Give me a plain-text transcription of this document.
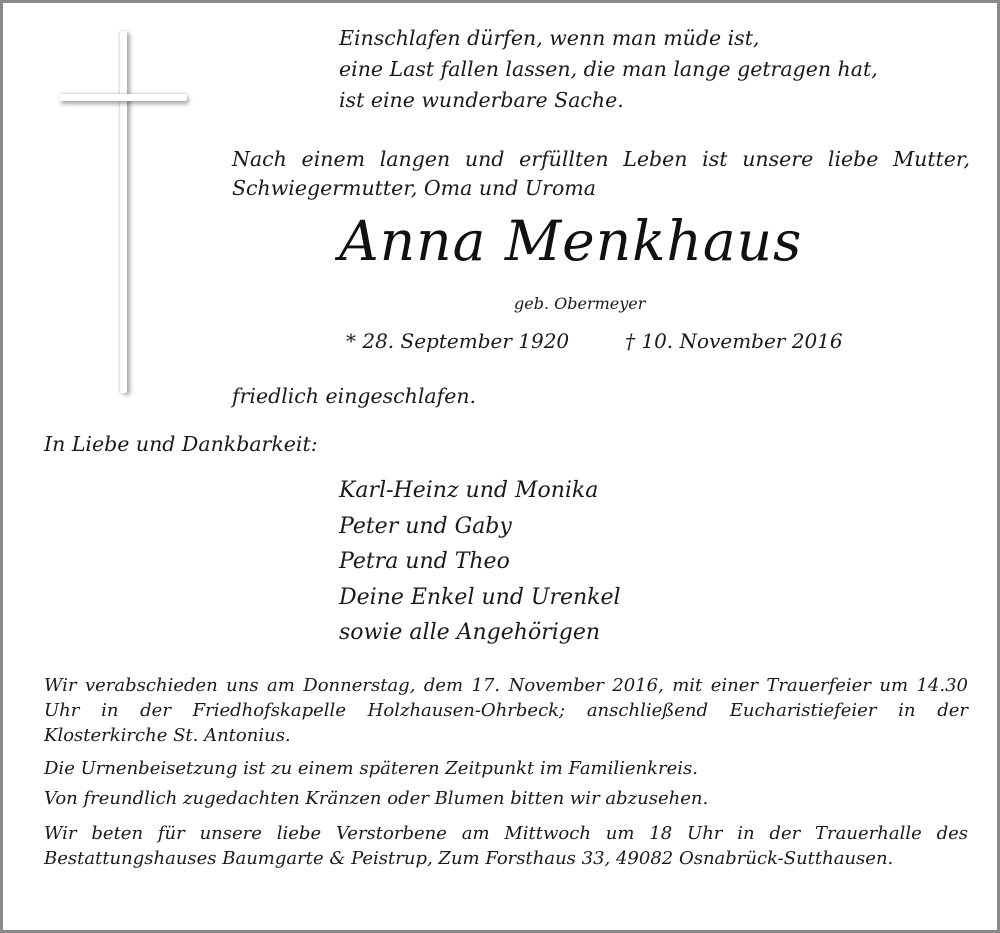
Einschlafen dürfen, wenn man müde ist,
eine Last fallen lassen, die man lange getragen hat,
ist eine wunderbare Sache.

Nach einem langen und erfüllten Leben ist unsere liebe Mutter, Schwiegermutter, Oma und Uroma

Anna Menkhaus
geb. Obermeyer
* 28. September 1920	† 10. November 2016
friedlich eingeschlafen.
In Liebe und Dankbarkeit:
Karl-Heinz und Monika
Peter und Gaby
Petra und Theo
Deine Enkel und Urenkel
sowie alle Angehörigen

Wir verabschieden uns am Donnerstag, dem 17. November 2016, mit einer Trauerfeier um 14.30 Uhr in der Friedhofskapelle Holzhausen-Ohrbeck; anschließend Eucharistiefeier in der Klosterkirche St. Antonius.

Die Urnenbeisetzung ist zu einem späteren Zeitpunkt im Familienkreis.

Von freundlich zugedachten Kränzen oder Blumen bitten wir abzusehen.

Wir beten für unsere liebe Verstorbene am Mittwoch um 18 Uhr in der Trauerhalle des Bestattungshauses Baumgarte & Peistrup, Zum Forsthaus 33, 49082 Osnabrück-Sutthausen.
